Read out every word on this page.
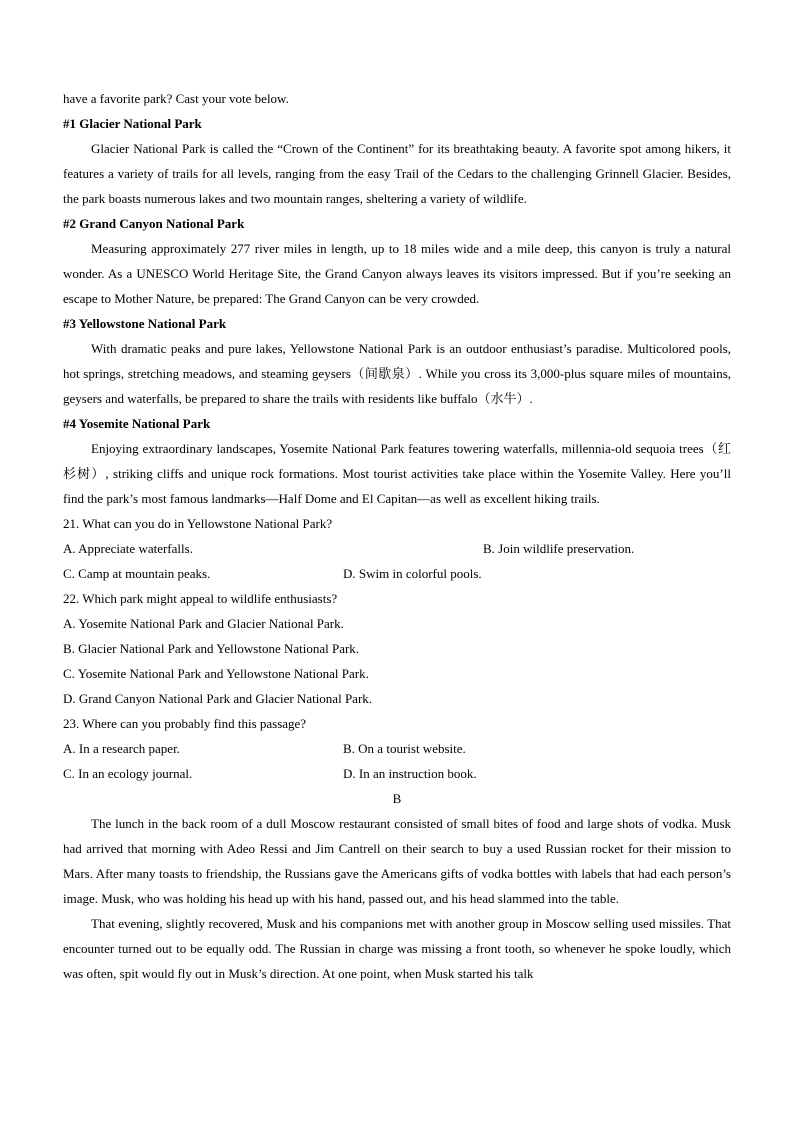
have a favorite park? Cast your vote below.
#1 Glacier National Park
Glacier National Park is called the “Crown of the Continent” for its breathtaking beauty. A favorite spot among hikers, it features a variety of trails for all levels, ranging from the easy Trail of the Cedars to the challenging Grinnell Glacier. Besides, the park boasts numerous lakes and two mountain ranges, sheltering a variety of wildlife.
#2 Grand Canyon National Park
Measuring approximately 277 river miles in length, up to 18 miles wide and a mile deep, this canyon is truly a natural wonder. As a UNESCO World Heritage Site, the Grand Canyon always leaves its visitors impressed. But if you’re seeking an escape to Mother Nature, be prepared: The Grand Canyon can be very crowded.
#3 Yellowstone National Park
With dramatic peaks and pure lakes, Yellowstone National Park is an outdoor enthusiast’s paradise. Multicolored pools, hot springs, stretching meadows, and steaming geysers（间歇泉）. While you cross its 3,000-plus square miles of mountains, geysers and waterfalls, be prepared to share the trails with residents like buffalo（水牛）.
#4 Yosemite National Park
Enjoying extraordinary landscapes, Yosemite National Park features towering waterfalls, millennia-old sequoia trees（红杉树）, striking cliffs and unique rock formations. Most tourist activities take place within the Yosemite Valley. Here you’ll find the park’s most famous landmarks—Half Dome and El Capitan—as well as excellent hiking trails.
21. What can you do in Yellowstone National Park?
A. Appreciate waterfalls.	B. Join wildlife preservation.
C. Camp at mountain peaks.	D. Swim in colorful pools.
22. Which park might appeal to wildlife enthusiasts?
A. Yosemite National Park and Glacier National Park.
B. Glacier National Park and Yellowstone National Park.
C. Yosemite National Park and Yellowstone National Park.
D. Grand Canyon National Park and Glacier National Park.
23. Where can you probably find this passage?
A. In a research paper.	B. On a tourist website.
C. In an ecology journal.	D. In an instruction book.
B
The lunch in the back room of a dull Moscow restaurant consisted of small bites of food and large shots of vodka. Musk had arrived that morning with Adeo Ressi and Jim Cantrell on their search to buy a used Russian rocket for their mission to Mars. After many toasts to friendship, the Russians gave the Americans gifts of vodka bottles with labels that had each person’s image. Musk, who was holding his head up with his hand, passed out, and his head slammed into the table.
That evening, slightly recovered, Musk and his companions met with another group in Moscow selling used missiles. That encounter turned out to be equally odd. The Russian in charge was missing a front tooth, so whenever he spoke loudly, which was often, spit would fly out in Musk’s direction. At one point, when Musk started his talk
